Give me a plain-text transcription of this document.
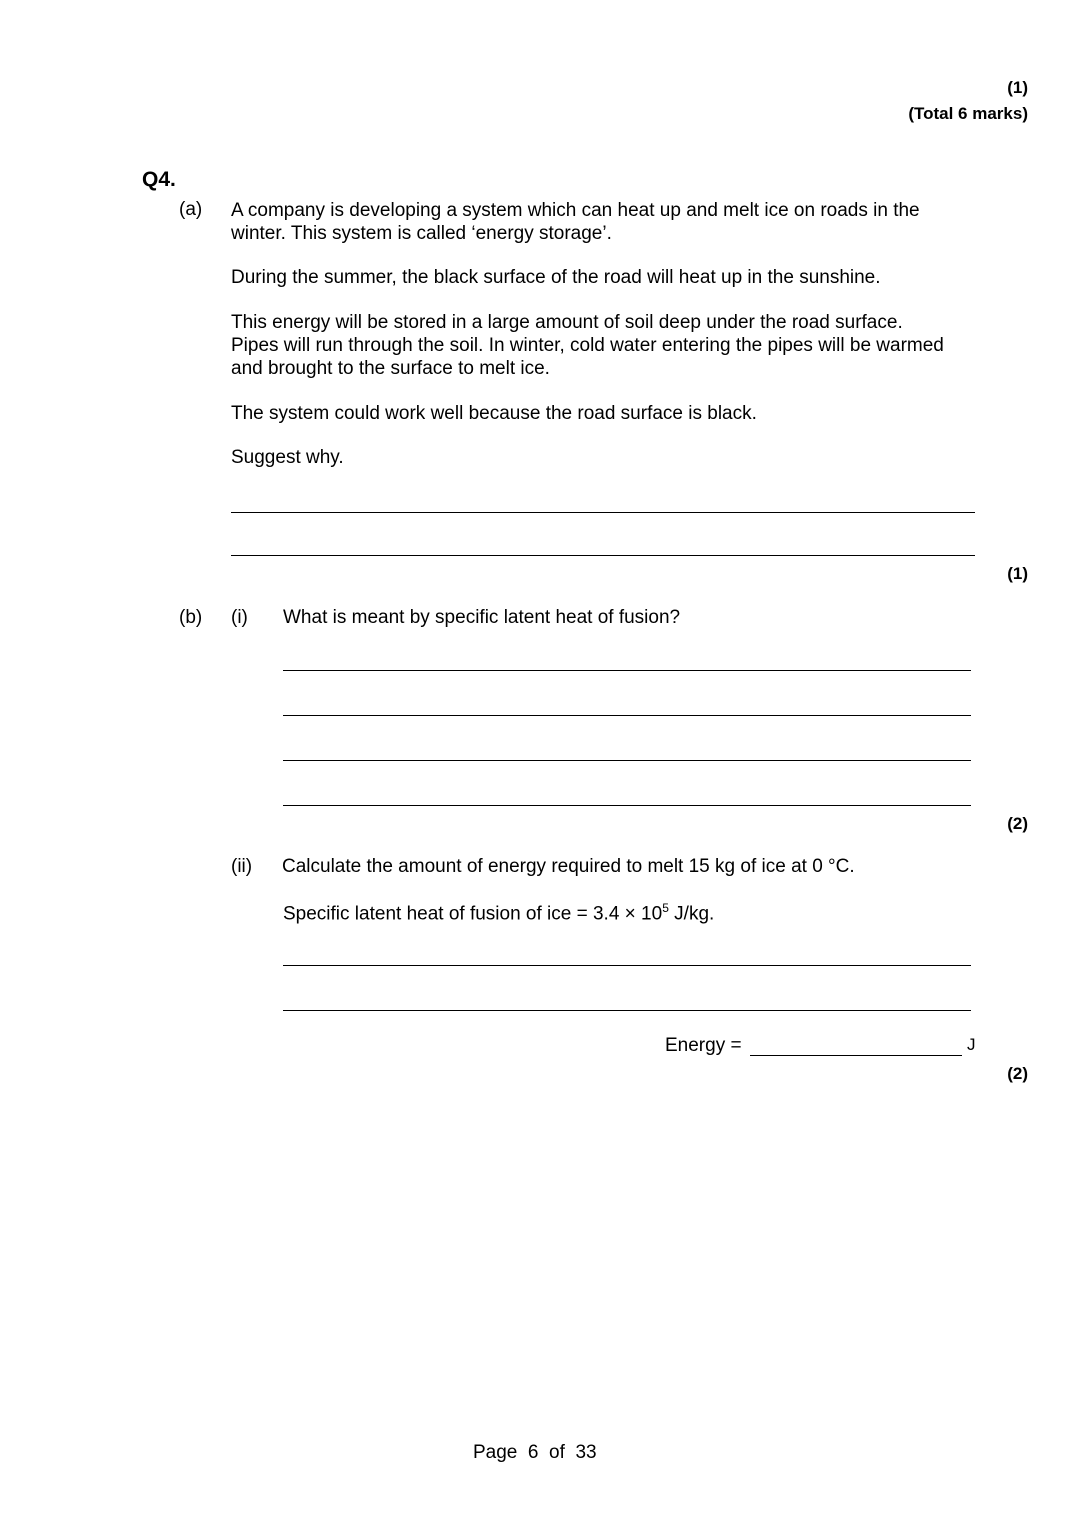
(1)
(Total 6 marks)
Q4.
(a) A company is developing a system which can heat up and melt ice on roads in the winter. This system is called ‘energy storage’.

During the summer, the black surface of the road will heat up in the sunshine.

This energy will be stored in a large amount of soil deep under the road surface. Pipes will run through the soil. In winter, cold water entering the pipes will be warmed and brought to the surface to melt ice.

The system could work well because the road surface is black.

Suggest why.

(1)
(b) (i) What is meant by specific latent heat of fusion?
(2)
(ii) Calculate the amount of energy required to melt 15 kg of ice at 0 °C.
Specific latent heat of fusion of ice = $3.4 \times 10^5$ J/kg.
Energy =	J
(2)
Page  6  of  33
